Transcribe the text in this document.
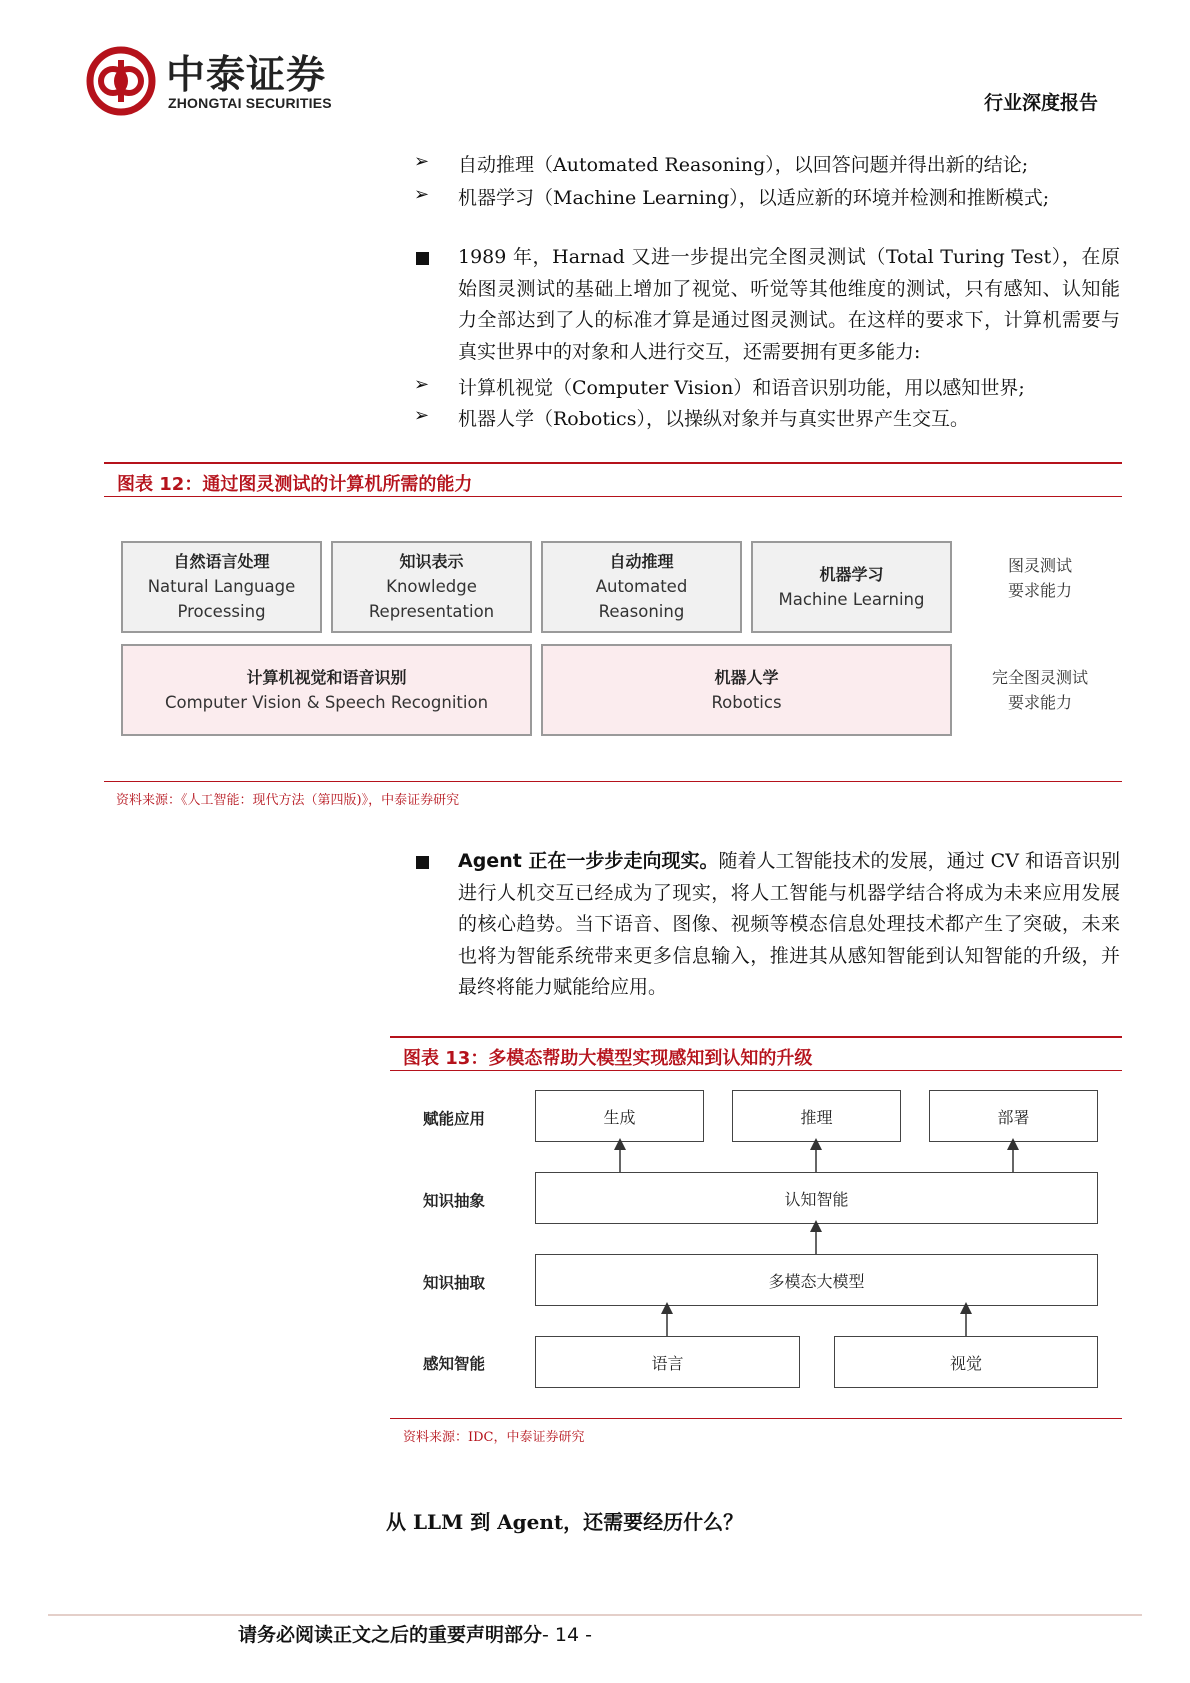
中泰证券
ZHONGTAI SECURITIES	行业深度报告
➢ 自动推理（Automated Reasoning），以回答问题并得出新的结论;
➢ 机器学习（Machine Learning），以适应新的环境并检测和推断模式;
1989 年，Harnad 又进一步提出完全图灵测试（Total Turing Test），在原始图灵测试的基础上增加了视觉、听觉等其他维度的测试，只有感知、认知能力全部达到了人的标准才算是通过图灵测试。在这样的要求下，计算机需要与真实世界中的对象和人进行交互，还需要拥有更多能力:
➢ 计算机视觉（Computer Vision）和语音识别功能，用以感知世界;
➢ 机器人学（Robotics），以操纵对象并与真实世界产生交互。
图表 12：通过图灵测试的计算机所需的能力
自然语言处理
Natural Language
Processing
知识表示
Knowledge
Representation
自动推理
Automated
Reasoning
机器学习
Machine Learning
图灵测试
要求能力
计算机视觉和语音识别
Computer Vision & Speech Recognition
机器人学
Robotics
完全图灵测试
要求能力
资料来源：《人工智能：现代方法（第四版)》，中泰证券研究
Agent 正在一步步走向现实。随着人工智能技术的发展，通过 CV 和语音识别进行人机交互已经成为了现实，将人工智能与机器学结合将成为未来应用发展的核心趋势。当下语音、图像、视频等模态信息处理技术都产生了突破，未来也将为智能系统带来更多信息输入，推进其从感知智能到认知智能的升级，并最终将能力赋能给应用。
图表 13：多模态帮助大模型实现感知到认知的升级
赋能应用
知识抽象
知识抽取
感知智能
生成	推理	部署
认知智能
多模态大模型
语言	视觉
资料来源：IDC，中泰证券研究
从 LLM 到 Agent，还需要经历什么？
请务必阅读正文之后的重要声明部分- 14 -
